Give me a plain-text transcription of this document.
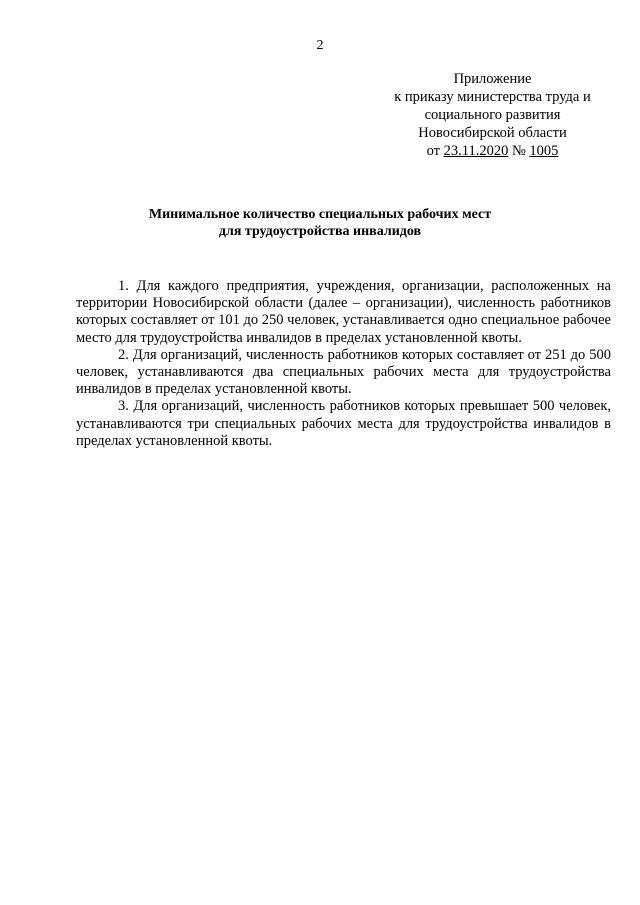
2
Приложение
к приказу министерства труда и
социального развития
Новосибирской области
от 23.11.2020 № 1005
Минимальное количество специальных рабочих мест
для трудоустройства инвалидов

1. Для каждого предприятия, учреждения, организации, расположенных на территории Новосибирской области (далее – организации), численность работников которых составляет от 101 до 250 человек, устанавливается одно специальное рабочее место для трудоустройства инвалидов в пределах установленной квоты.

2. Для организаций, численность работников которых составляет от 251 до 500 человек, устанавливаются два специальных рабочих места для трудоустройства инвалидов в пределах установленной квоты.

3. Для организаций, численность работников которых превышает 500 человек, устанавливаются три специальных рабочих места для трудоустройства инвалидов в пределах установленной квоты.
